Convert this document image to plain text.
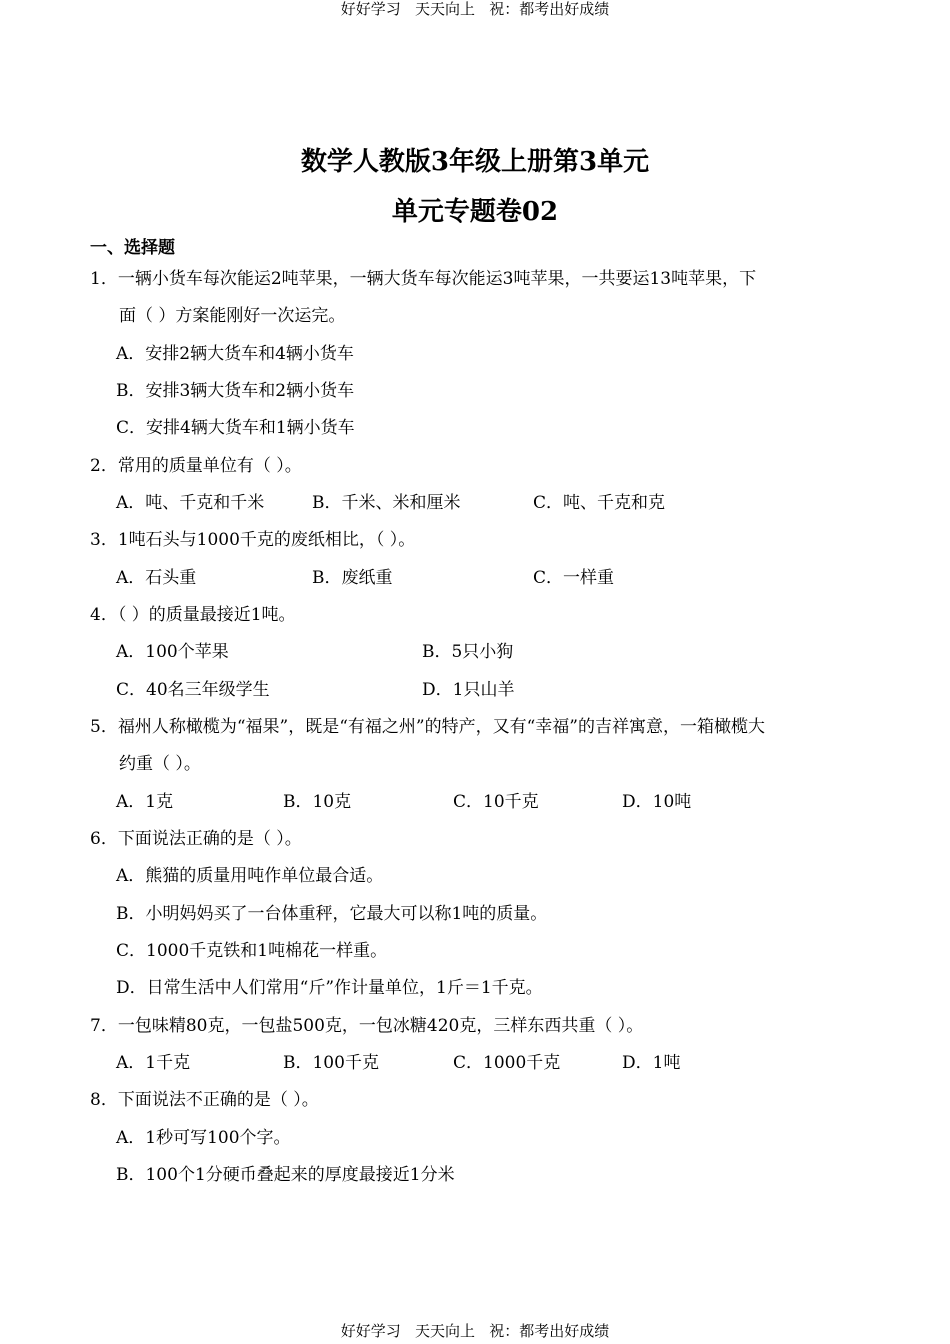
好好学习   天天向上   祝：都考出好成绩
数学人教版3年级上册第3单元
单元专题卷02
一、选择题
1．一辆小货车每次能运2吨苹果，一辆大货车每次能运3吨苹果，一共要运13吨苹果，下
面（ ）方案能刚好一次运完。
A．安排2辆大货车和4辆小货车
B．安排3辆大货车和2辆小货车
C．安排4辆大货车和1辆小货车
2．常用的质量单位有（ ）。
A．吨、千克和千米	B．千米、米和厘米	C．吨、千克和克
3．1吨石头与1000千克的废纸相比，（ ）。
A．石头重	B．废纸重	C．一样重
4．（ ）的质量最接近1吨。
A．100个苹果	B．5只小狗
C．40名三年级学生	D．1只山羊
5．福州人称橄榄为“福果”，既是“有福之州”的特产，又有“幸福”的吉祥寓意，一箱橄榄大
约重（ ）。
A．1克	B．10克	C．10千克	D．10吨
6．下面说法正确的是（ ）。
A．熊猫的质量用吨作单位最合适。
B．小明妈妈买了一台体重秤，它最大可以称1吨的质量。
C．1000千克铁和1吨棉花一样重。
D．日常生活中人们常用“斤”作计量单位，1斤＝1千克。
7．一包味精80克，一包盐500克，一包冰糖420克，三样东西共重（ ）。
A．1千克	B．100千克	C．1000千克	D．1吨
8．下面说法不正确的是（ ）。
A．1秒可写100个字。
B．100个1分硬币叠起来的厚度最接近1分米
好好学习   天天向上   祝：都考出好成绩
